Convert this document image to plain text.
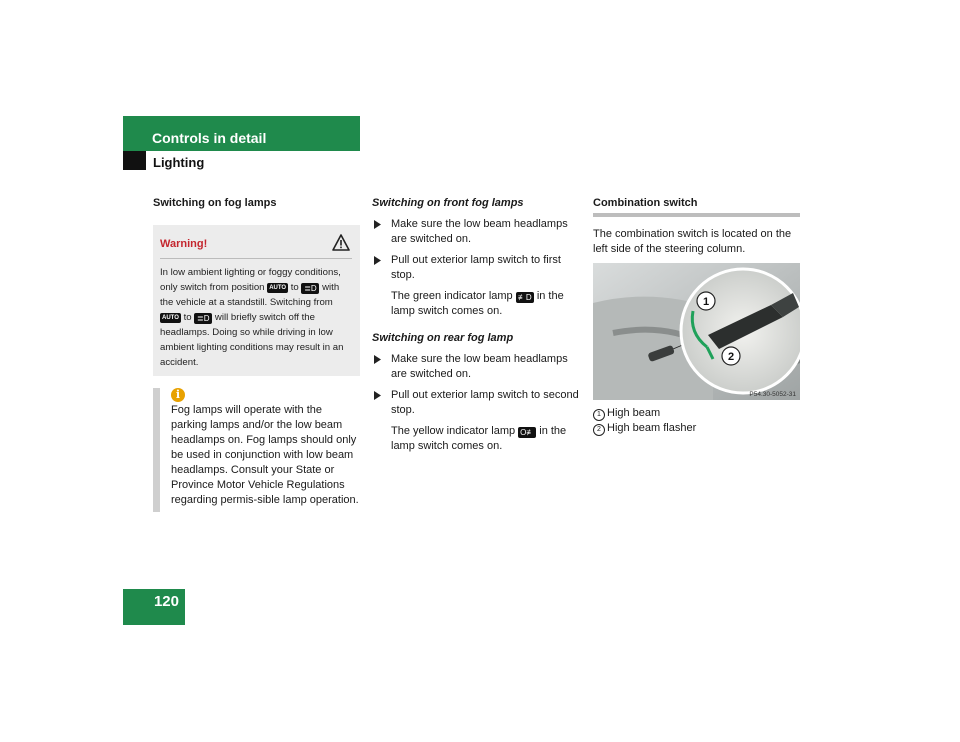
Controls in detail
Lighting
Switching on fog lamps
Warning!
In low ambient lighting or foggy conditions, only switch from position AUTO to ≣D with the vehicle at a standstill. Switching from AUTO to ≣D will briefly switch off the headlamps. Doing so while driving in low ambient lighting conditions may result in an accident.
i
Fog lamps will operate with the parking lamps and/or the low beam headlamps on. Fog lamps should only be used in conjunction with low beam headlamps. Consult your State or Province Motor Vehicle Regulations regarding permis-sible lamp operation.
Switching on front fog lamps
Make sure the low beam headlamps are switched on.
Pull out exterior lamp switch to first stop.
The green indicator lamp ≢D in the lamp switch comes on.
Switching on rear fog lamp
Make sure the low beam headlamps are switched on.
Pull out exterior lamp switch to second stop.
The yellow indicator lamp O≢ in the lamp switch comes on.
Combination switch
The combination switch is located on the left side of the steering column.
1
2
P54.30-5052-31
1 High beam
2 High beam flasher
120
